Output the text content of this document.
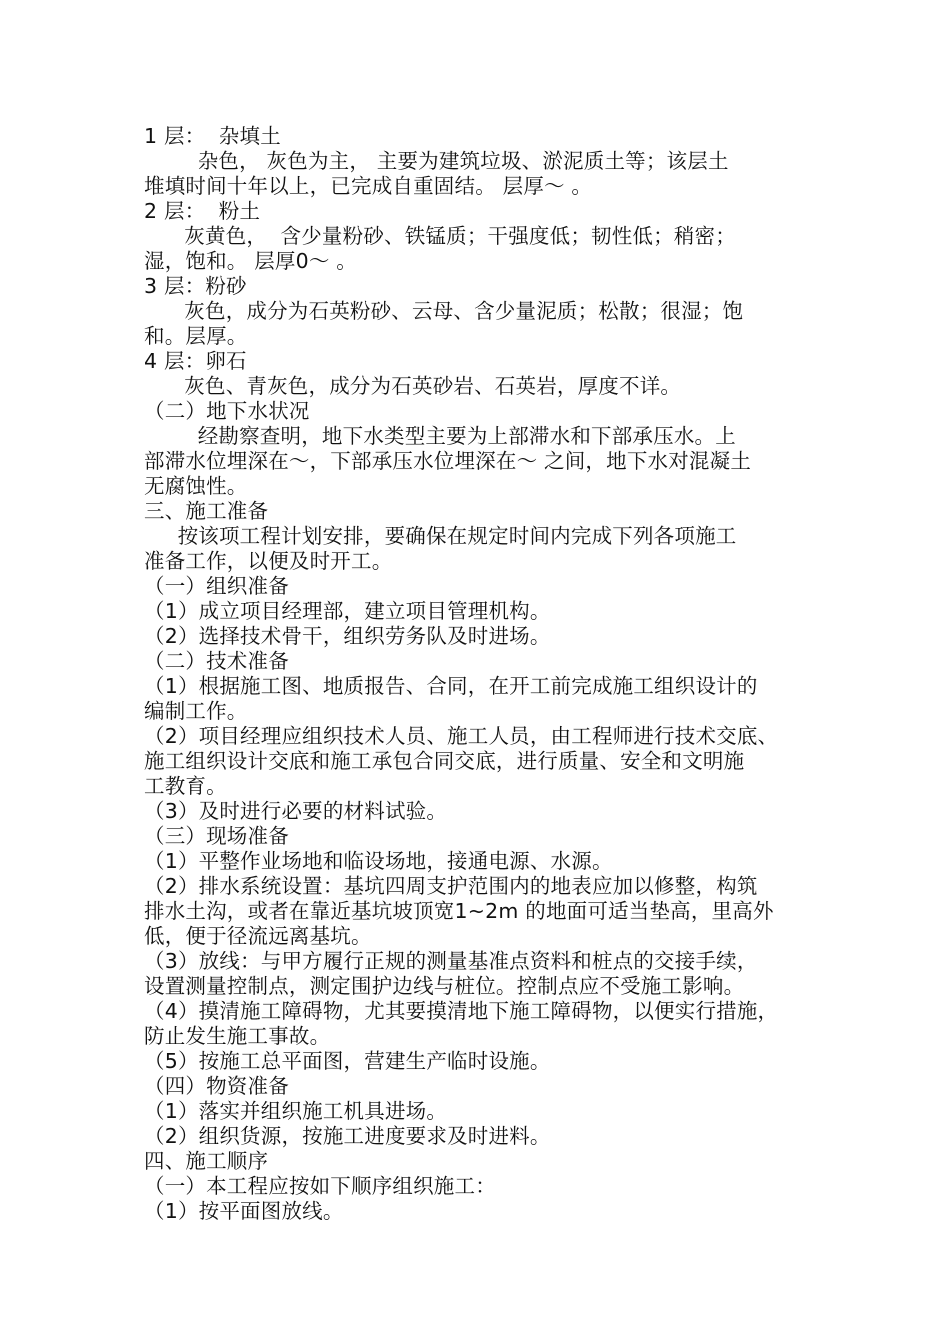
1 层：  杂填土
杂色， 灰色为主， 主要为建筑垃圾、淤泥质土等；该层土
堆填时间十年以上，已完成自重固结。 层厚～ 。
2 层：  粉土
灰黄色，  含少量粉砂、铁锰质；干强度低；韧性低；稍密；
湿，饱和。 层厚0～ 。
3 层：粉砂
灰色，成分为石英粉砂、云母、含少量泥质；松散；很湿；饱
和。层厚。
4 层：卵石
灰色、青灰色，成分为石英砂岩、石英岩，厚度不详。
（二）地下水状况
经勘察查明，地下水类型主要为上部滞水和下部承压水。上
部滞水位埋深在～，下部承压水位埋深在～ 之间，地下水对混凝土
无腐蚀性。
三、施工准备
按该项工程计划安排，要确保在规定时间内完成下列各项施工
准备工作，以便及时开工。
（一）组织准备
（1）成立项目经理部，建立项目管理机构。
（2）选择技术骨干，组织劳务队及时进场。
（二）技术准备
（1）根据施工图、地质报告、合同，在开工前完成施工组织设计的
编制工作。
（2）项目经理应组织技术人员、施工人员，由工程师进行技术交底、
施工组织设计交底和施工承包合同交底，进行质量、安全和文明施
工教育。
（3）及时进行必要的材料试验。
（三）现场准备
（1）平整作业场地和临设场地，接通电源、水源。
（2）排水系统设置：基坑四周支护范围内的地表应加以修整，构筑
排水土沟，或者在靠近基坑坡顶宽1~2m 的地面可适当垫高，里高外
低，便于径流远离基坑。
（3）放线：与甲方履行正规的测量基准点资料和桩点的交接手续，
设置测量控制点，测定围护边线与桩位。控制点应不受施工影响。
（4）摸清施工障碍物，尤其要摸清地下施工障碍物，以便实行措施，
防止发生施工事故。
（5）按施工总平面图，营建生产临时设施。
（四）物资准备
（1）落实并组织施工机具进场。
（2）组织货源，按施工进度要求及时进料。
四、施工顺序
（一）本工程应按如下顺序组织施工：
（1）按平面图放线。
